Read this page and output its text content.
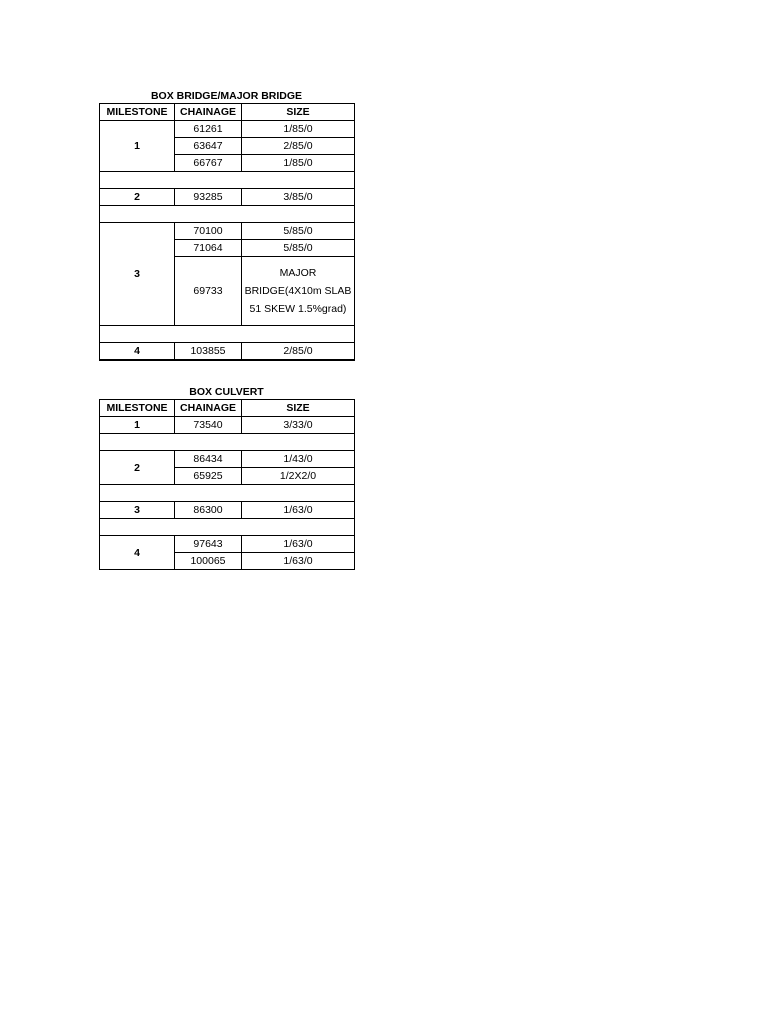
BOX BRIDGE/MAJOR BRIDGE
MILESTONE	CHAINAGE	SIZE
1	61261	1/85/0
	63647	2/85/0
	66767	1/85/0

2	93285	3/85/0

3	70100	5/85/0
	71064	5/85/0
	69733	MAJOR
BRIDGE(4X10m SLAB
51 SKEW 1.5%grad)

4	103855	2/85/0
BOX CULVERT
MILESTONE	CHAINAGE	SIZE
1	73540	3/33/0

2	86434	1/43/0
	65925	1/2X2/0

3	86300	1/63/0

4	97643	1/63/0
	100065	1/63/0
